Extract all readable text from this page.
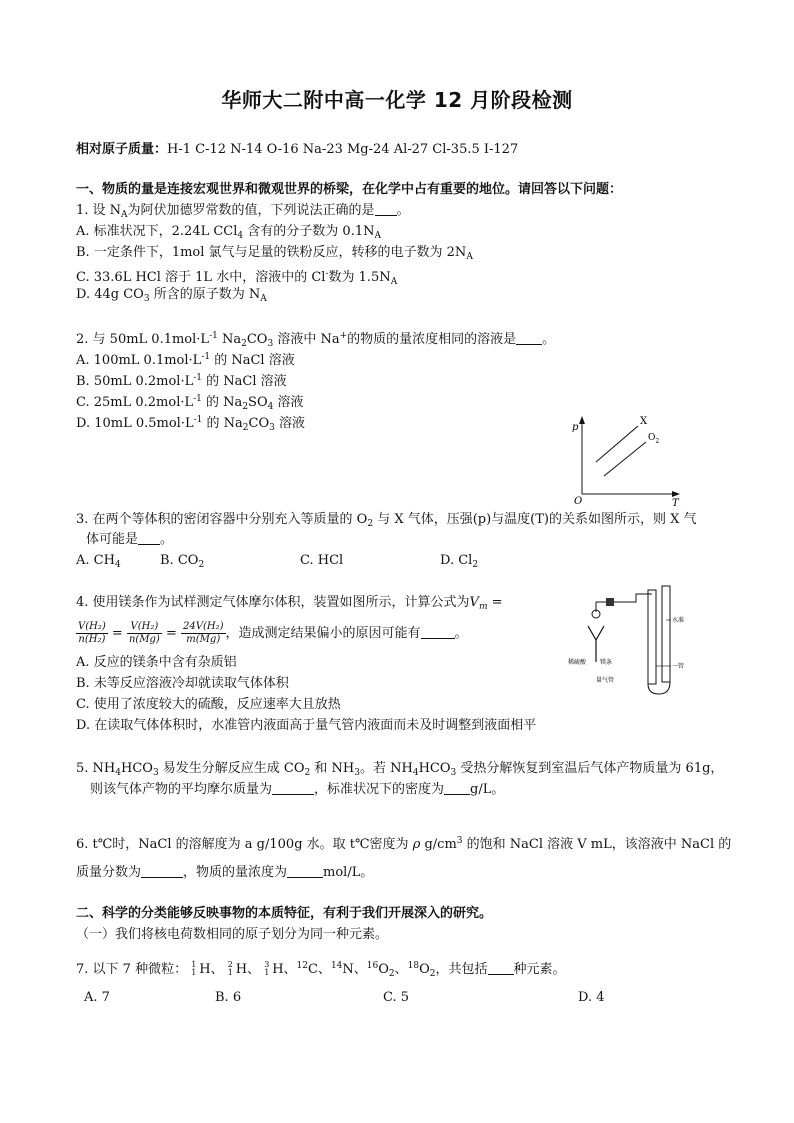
华师大二附中高一化学 12 月阶段检测
相对原子质量：H-1 C-12 N-14 O-16 Na-23 Mg-24 Al-27 Cl-35.5 I-127
一、物质的量是连接宏观世界和微观世界的桥梁，在化学中占有重要的地位。请回答以下问题：
1. 设 $N_A$为阿伏加德罗常数的值，下列说法正确的是 。
A. 标准状况下，2.24L CCl$_4$ 含有的分子数为 $0.1N_A$
B. 一定条件下，1mol 氯气与足量的铁粉反应，转移的电子数为 $2N_A$
C. 33.6L HCl 溶于 1L 水中，溶液中的 Cl-数为 $1.5N_A$
D. 44g $CO_3$ 所含的原子数为 $N_A$
2. 与 50mL $0.1mol\cdot L^{-1}$ $Na_2CO_3$ 溶液中 Na+的物质的量浓度相同的溶液是 。
A. 100mL $0.1mol\cdot L^{-1}$ 的 NaCl 溶液
B. 50mL $0.2mol\cdot L^{-1}$ 的 NaCl 溶液
C. 25mL $0.2mol\cdot L^{-1}$ 的 $Na_2SO_4$ 溶液
D. 10mL $0.5mol\cdot L^{-1}$ 的 $Na_2CO_3$ 溶液	p
T
O
X
$O_2$
3. 在两个等体积的密闭容器中分别充入等质量的 $O_2$ 与 X 气体，压强(p)与温度(T)的关系如图所示，则 X 气
体可能是 。
A. $CH_4$	B. $CO_2$	C. HCl	D. $Cl_2$
4. 使用镁条作为试样测定气体摩尔体积，装置如图所示，计算公式为$V_m$ =
$\frac{\text{V(H₂)}}{\text{n(H₂)}} = \frac{\text{V(H₂)}}{n(Mg)} = \frac{\text{24V(H₂)}}{m(Mg)}$ ，造成测定结果偏小的原因可能有	。
水准
稀硫酸 镁条
量气管
一管
A. 反应的镁条中含有杂质铝
B. 未等反应溶液冷却就读取气体体积
C. 使用了浓度较大的硫酸，反应速率大且放热
D. 在读取气体体积时，水准管内液面高于量气管内液面而未及时调整到液面相平
5. $NH_4HCO_3$ 易发生分解反应生成 $CO_2$ 和 $NH_3$。若 $NH_4HCO_3$ 受热分解恢复到室温后气体产物质量为 61g，
则该气体产物的平均摩尔质量为	，标准状况下的密度为 g/L。
6. t℃时，NaCl 的溶解度为 a g/100g 水。取 t℃密度为 ρ $g/cm^3$ 的饱和 NaCl 溶液 V mL，该溶液中 NaCl 的
质量分数为	，物质的量浓度为	mol/L。
二、科学的分类能够反映事物的本质特征，有利于我们开展深入的研究。
（一）我们将核电荷数相同的原子划分为同一种元素。
7. 以下 7 种微粒： 1
1 H、 2
1 H、 3
1 H、$^{12}$C、$^{14}$N、$^{16}O_2$、$^{18}O_2$，共包括 种元素。
A. 7	B. 6	C. 5	D. 4
